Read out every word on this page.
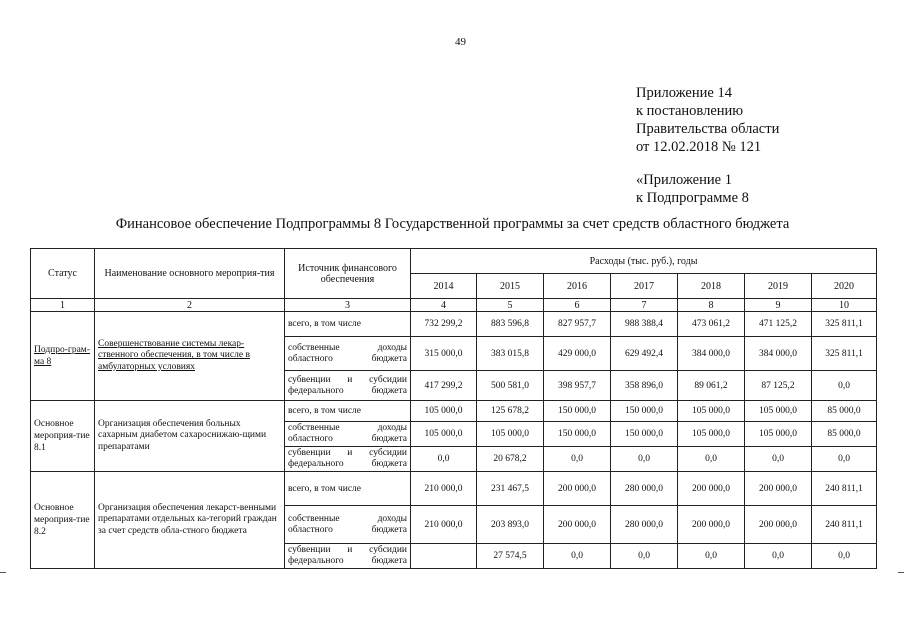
49
Приложение 14
к постановлению
Правительства области
от 12.02.2018 № 121
«Приложение 1
к Подпрограмме 8
Финансовое обеспечение Подпрограммы 8 Государственной программы за счет средств областного бюджета
Статус	Наименование основного мероприя-тия	Источник финансового обеспечения	Расходы (тыс. руб.), годы						
			2014	2015	2016	2017	2018	2019	2020
1	2	3	4	5	6	7	8	9	10
Подпро-грам-ма 8	Совершенствование системы лекар-ственного обеспечения, в том числе в амбулаторных условиях	всего, в том числе	732 299,2	883 596,8	827 957,7	988 388,4	473 061,2	471 125,2	325 811,1
		собственные доходы областного бюджета	315 000,0	383 015,8	429 000,0	629 492,4	384 000,0	384 000,0	325 811,1
		субвенции и субсидии федерального бюджета	417 299,2	500 581,0	398 957,7	358 896,0	89 061,2	87 125,2	0,0
Основное мероприя-тие 8.1	Организация обеспечения больных сахарным диабетом сахароснижаю-щими препаратами	всего, в том числе	105 000,0	125 678,2	150 000,0	150 000,0	105 000,0	105 000,0	85 000,0
		собственные доходы областного бюджета	105 000,0	105 000,0	150 000,0	150 000,0	105 000,0	105 000,0	85 000,0
		субвенции и субсидии федерального бюджета	0,0	20 678,2	0,0	0,0	0,0	0,0	0,0
Основное мероприя-тие 8.2	Организация обеспечения лекарст-венными препаратами отдельных ка-тегорий граждан за счет средств обла-стного бюджета	всего, в том числе	210 000,0	231 467,5	200 000,0	280 000,0	200 000,0	200 000,0	240 811,1
		собственные доходы областного бюджета	210 000,0	203 893,0	200 000,0	280 000,0	200 000,0	200 000,0	240 811,1
		субвенции и субсидии федерального бюджета		27 574,5	0,0	0,0	0,0	0,0	0,0
